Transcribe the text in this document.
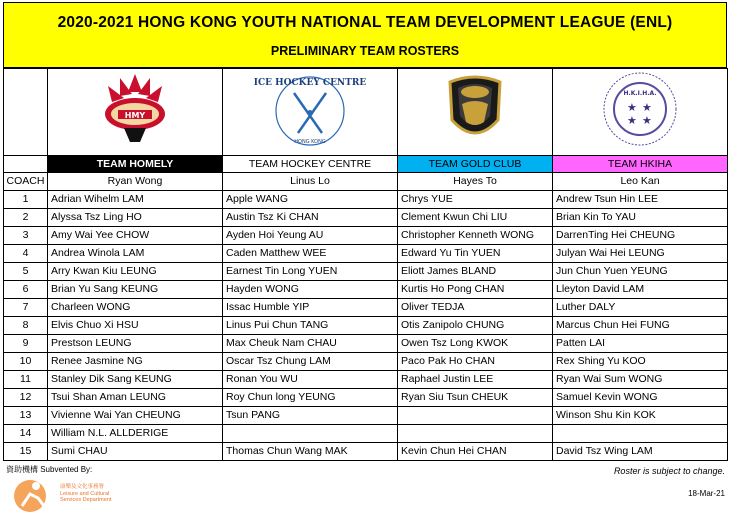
2020-2021 HONG KONG YOUTH NATIONAL TEAM DEVELOPMENT LEAGUE (ENL)
PRELIMINARY TEAM ROSTERS

HMY	ICE HOCKEY CENTRE
HONG KONG		H.K.I.H.A.
★ ★
★ ★

	TEAM HOMELY	TEAM HOCKEY CENTRE	TEAM GOLD CLUB	TEAM HKIHA
COACH	Ryan Wong	Linus Lo	Hayes To	Leo Kan
1	Adrian Wihelm LAM	Apple WANG	Chrys YUE	Andrew Tsun Hin LEE
2	Alyssa Tsz Ling HO	Austin Tsz Ki CHAN	Clement Kwun Chi LIU	Brian Kin To YAU
3	Amy Wai Yee CHOW	Ayden Hoi Yeung AU	Christopher Kenneth WONG	DarrenTing Hei CHEUNG
4	Andrea Winola LAM	Caden Matthew WEE	Edward Yu Tin YUEN	Julyan Wai Hei LEUNG
5	Arry Kwan Kiu LEUNG	Earnest Tin Long YUEN	Eliott James BLAND	Jun Chun Yuen YEUNG
6	Brian Yu Sang KEUNG	Hayden WONG	Kurtis Ho Pong CHAN	Lleyton David LAM
7	Charleen WONG	Issac Humble YIP	Oliver TEDJA	Luther DALY
8	Elvis Chuo Xi HSU	Linus Pui Chun TANG	Otis Zanipolo CHUNG	Marcus Chun Hei FUNG
9	Prestson LEUNG	Max Cheuk Nam CHAU	Owen Tsz Long KWOK	Patten LAI
10	Renee Jasmine NG	Oscar Tsz Chung LAM	Paco Pak Ho CHAN	Rex Shing Yu KOO
11	Stanley Dik Sang KEUNG	Ronan You WU	Raphael Justin LEE	Ryan Wai Sum WONG
12	Tsui Shan Aman LEUNG	Roy Chun long YEUNG	Ryan Siu Tsun CHEUK	Samuel Kevin WONG
13	Vivienne Wai Yan CHEUNG	Tsun PANG		Winson Shu Kin KOK
14	William N.L. ALLDERIGE			
15	Sumi CHAU	Thomas Chun Wang MAK	Kevin Chun Hei CHAN	David Tsz Wing LAM
資助機構 Subvented By:
康樂及文化事務署
Leisure and Cultural
Services Department
Roster is subject to change.
18-Mar-21
